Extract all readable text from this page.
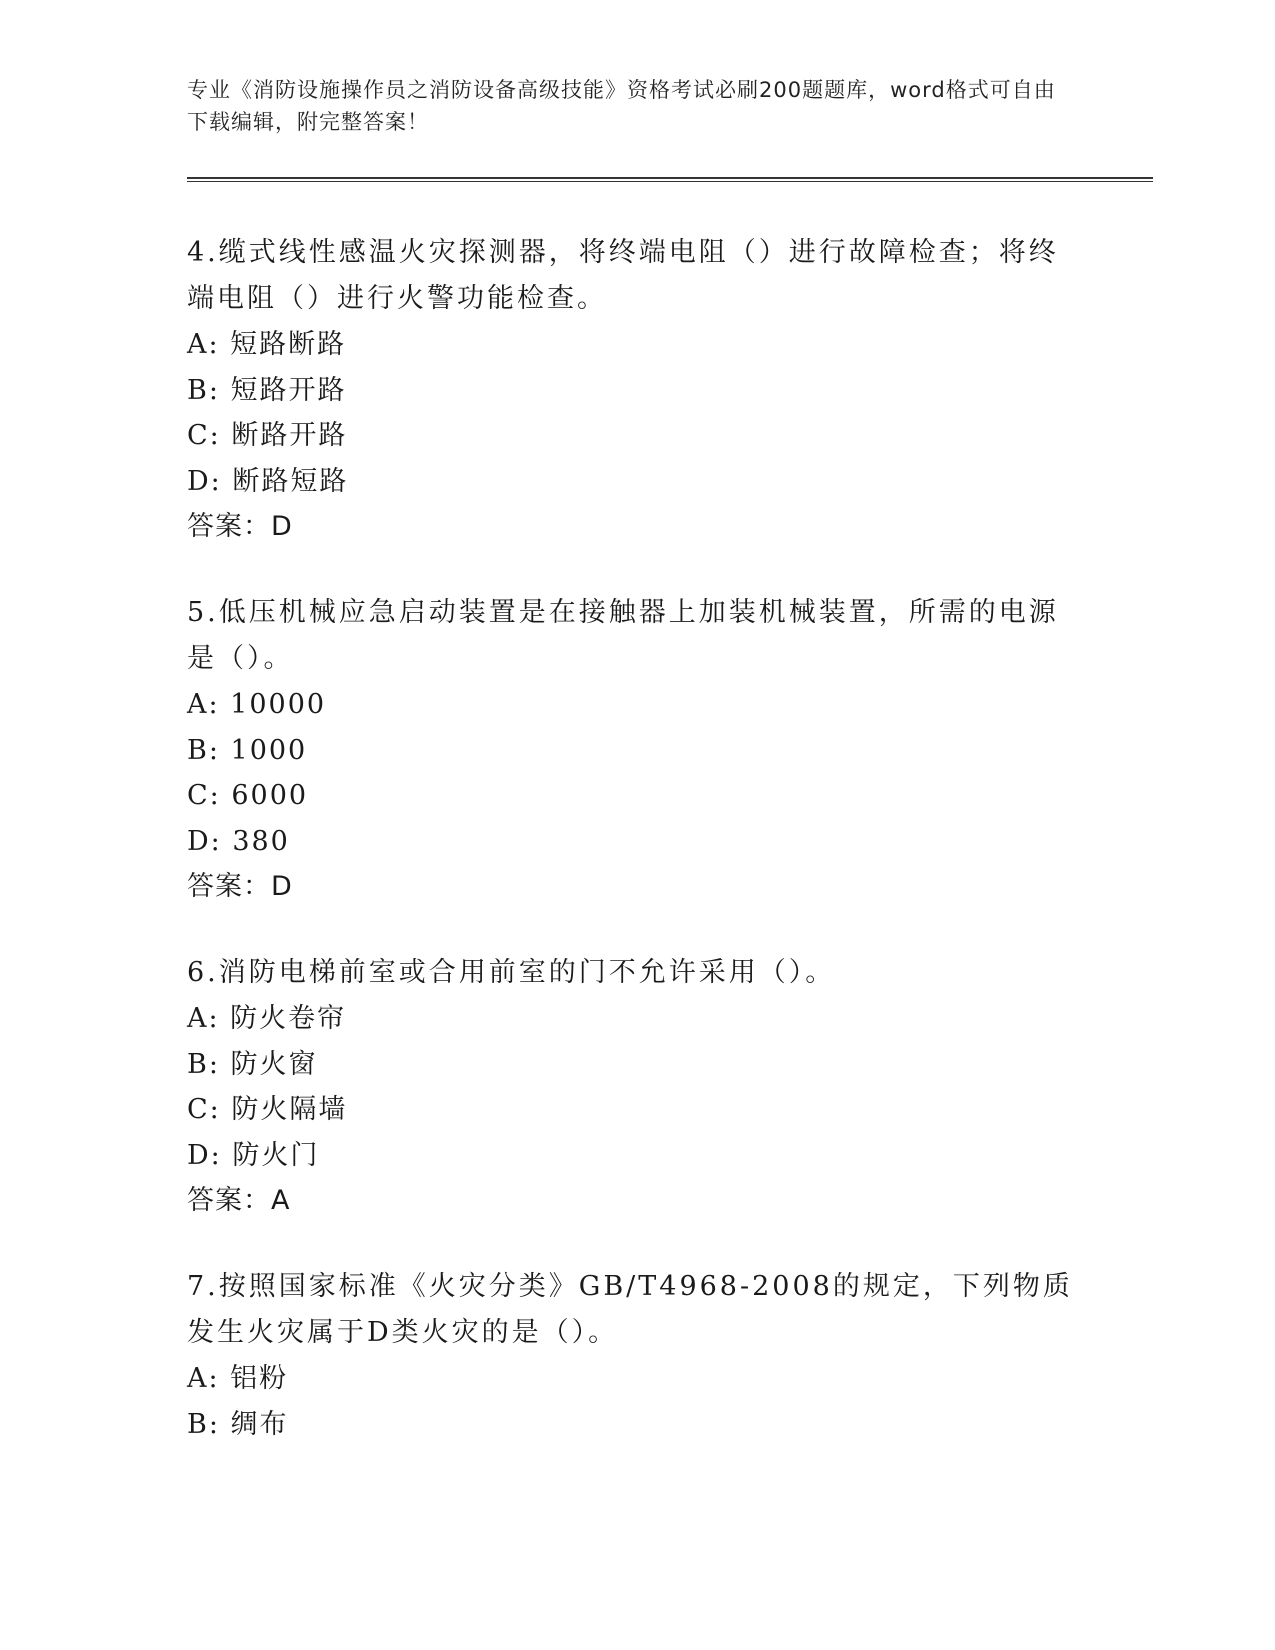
专业《消防设施操作员之消防设备高级技能》资格考试必刷200题题库，word格式可自由下载编辑，附完整答案！

4.缆式线性感温火灾探测器，将终端电阻（）进行故障检查；将终端电阻（）进行火警功能检查。

A: 短路断路

B: 短路开路

C: 断路开路

D: 断路短路

答案：D

5.低压机械应急启动装置是在接触器上加装机械装置，所需的电源是（）。

A: 10000

B: 1000

C: 6000

D: 380

答案：D

6.消防电梯前室或合用前室的门不允许采用（）。

A: 防火卷帘

B: 防火窗

C: 防火隔墙

D: 防火门

答案：A

7.按照国家标准《火灾分类》GB/T4968-2008的规定，下列物质发生火灾属于D类火灾的是（）。

A: 铝粉

B: 绸布
